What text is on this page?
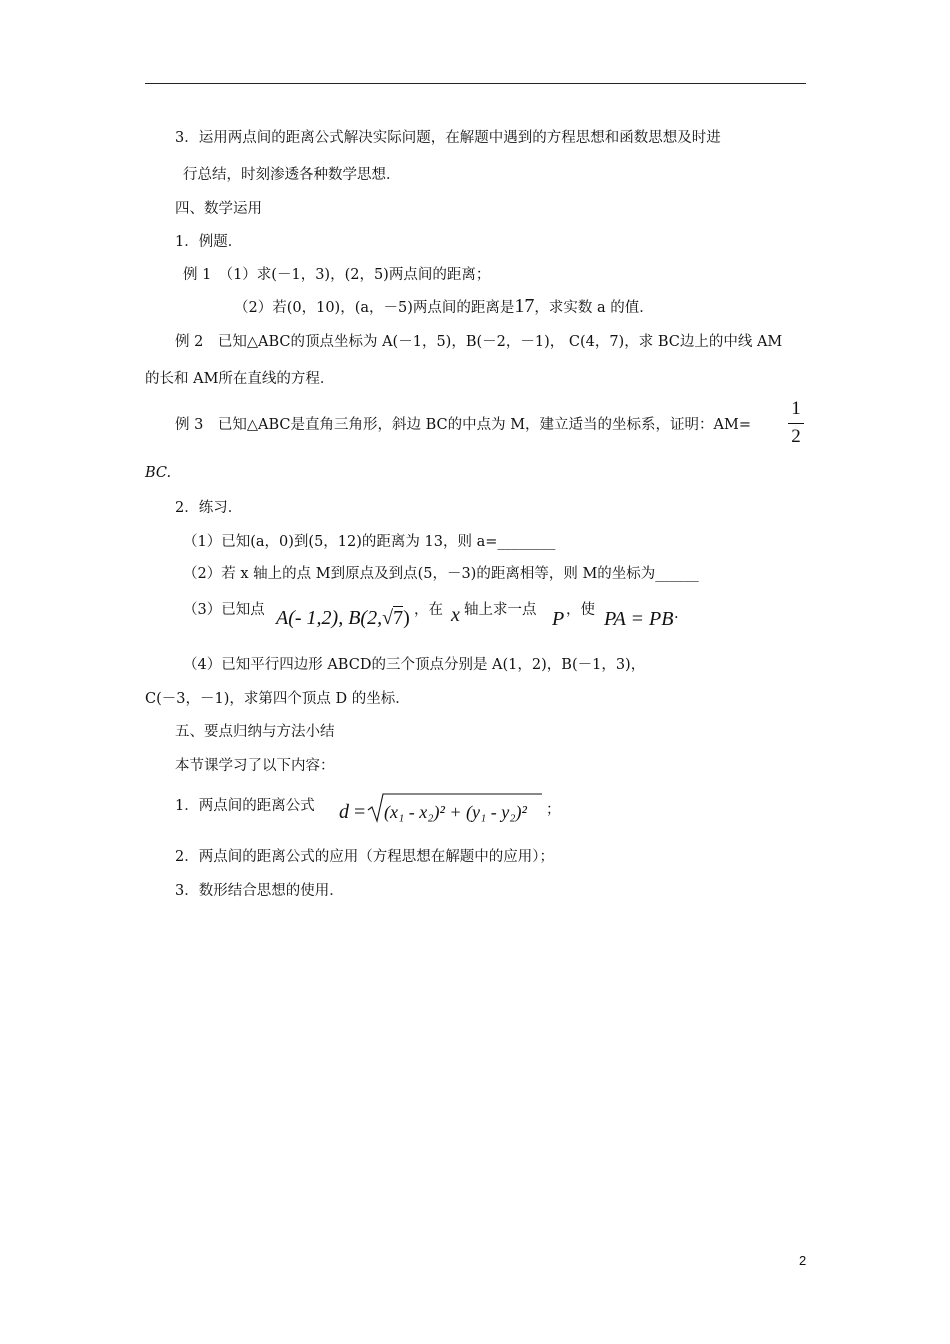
3．运用两点间的距离公式解决实际问题，在解题中遇到的方程思想和函数思想及时进
行总结，时刻渗透各种数学思想．
四、数学运用
1．例题．
例 1　（1）求(－1，3)，(2，5)两点间的距离；
（2）若(0，10)，(a，－5)两点间的距离是17，求实数 a 的值．
例 2　已知△ABC的顶点坐标为 A(－1，5)，B(－2，－1)， C(4，7)，求 BC边上的中线 AM
的长和 AM所在直线的方程．
例 3　已知△ABC是直角三角形，斜边 BC的中点为 M，建立适当的坐标系，证明：AM=
1
2
BC.
2．练习．
（1）已知(a，0)到(5，12)的距离为 13，则 a=________
（2）若 x 轴上的点 M到原点及到点(5，－3)的距离相等，则 M的坐标为______
（3）已知点 A(- 1,2), B(2,√7) ，在 x 轴上求一点 P ，使 PA = PB .
（4）已知平行四边形 ABCD的三个顶点分别是 A(1，2)，B(－1，3)，
C(－3，－1)，求第四个顶点 D 的坐标．
五、要点归纳与方法小结
本节课学习了以下内容：
1．两点间的距离公式 d = (x₁ - x₂)² + (y₁ - y₂)² ；
2．两点间的距离公式的应用（方程思想在解题中的应用）；
3．数形结合思想的使用．
2
